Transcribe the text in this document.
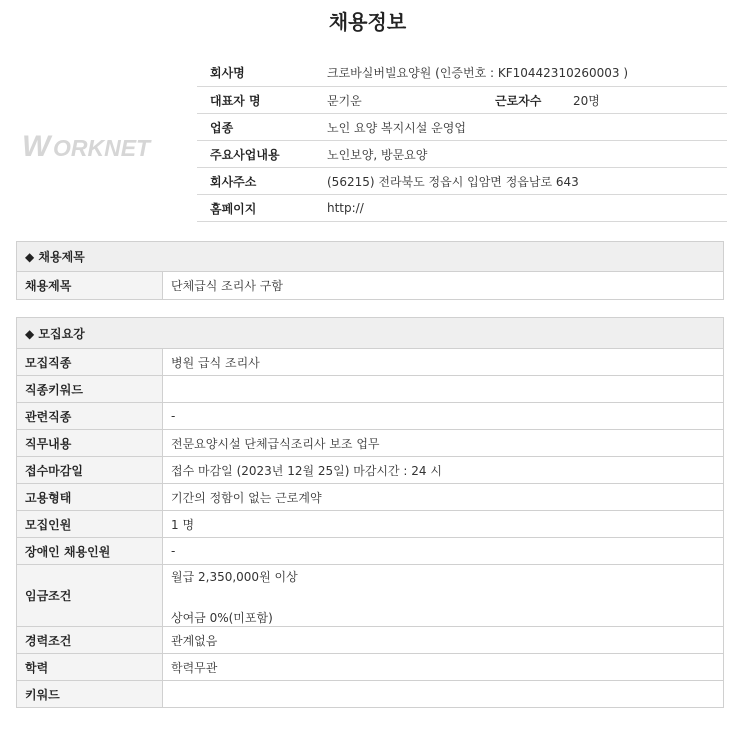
채용정보
W ORKNET
회사명	크로바실버빌요양원 (인증번호 : KF10442310260003 )
대표자 명	문기운 근로자수 20명
업종	노인 요양 복지시설 운영업
주요사업내용	노인보양, 방문요양
회사주소	(56215) 전라북도 정읍시 입암면 정읍남로 643
홈페이지	http://
◆ 채용제목
채용제목	단체급식 조리사 구함
◆ 모집요강	
모집직종	병원 급식 조리사
직종키워드	
관련직종	-
직무내용	전문요양시설 단체급식조리사 보조 업무
접수마감일	접수 마감일 (2023년 12월 25일) 마감시간 : 24 시
고용형태	기간의 정함이 없는 근로계약
모집인원	1 명
장애인 채용인원	-
임금조건	월급 2,350,000원 이상
상여금 0%(미포함)

경력조건	관계없음
학력	학력무관
키워드	
